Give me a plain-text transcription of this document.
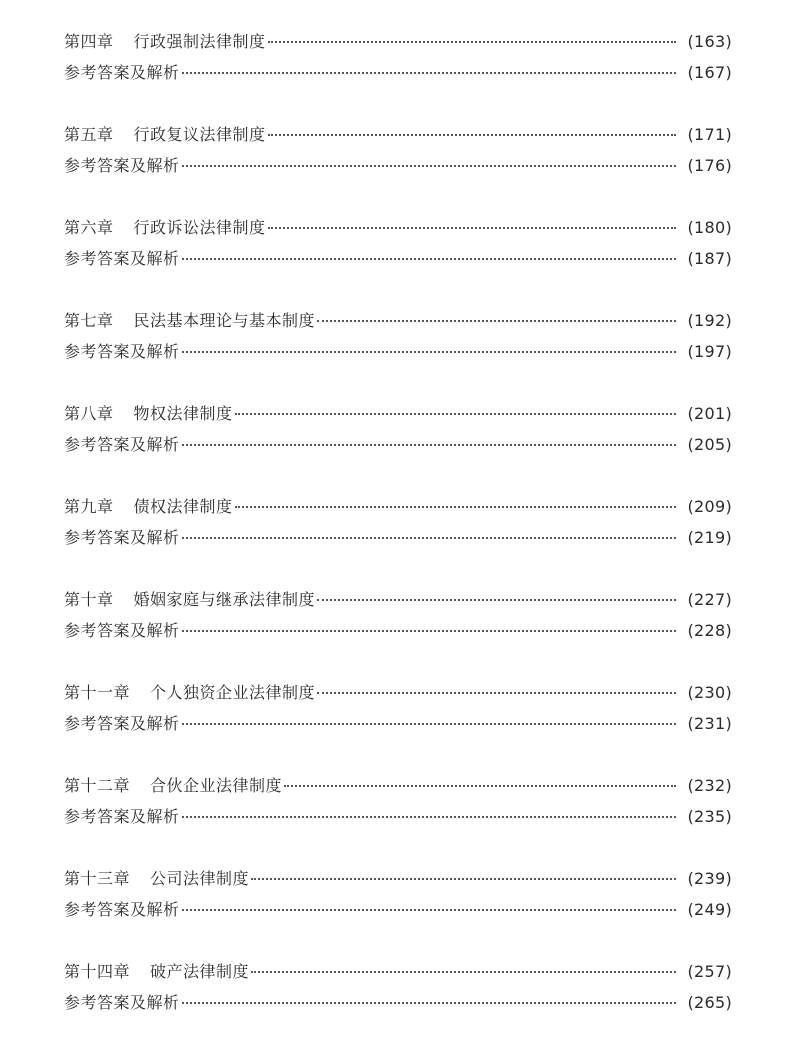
第四章 行政强制法律制度	(163)
参考答案及解析	(167)
第五章 行政复议法律制度	(171)
参考答案及解析	(176)
第六章 行政诉讼法律制度	(180)
参考答案及解析	(187)
第七章 民法基本理论与基本制度	(192)
参考答案及解析	(197)
第八章 物权法律制度	(201)
参考答案及解析	(205)
第九章 债权法律制度	(209)
参考答案及解析	(219)
第十章 婚姻家庭与继承法律制度	(227)
参考答案及解析	(228)
第十一章 个人独资企业法律制度	(230)
参考答案及解析	(231)
第十二章 合伙企业法律制度	(232)
参考答案及解析	(235)
第十三章 公司法律制度	(239)
参考答案及解析	(249)
第十四章 破产法律制度	(257)
参考答案及解析	(265)
